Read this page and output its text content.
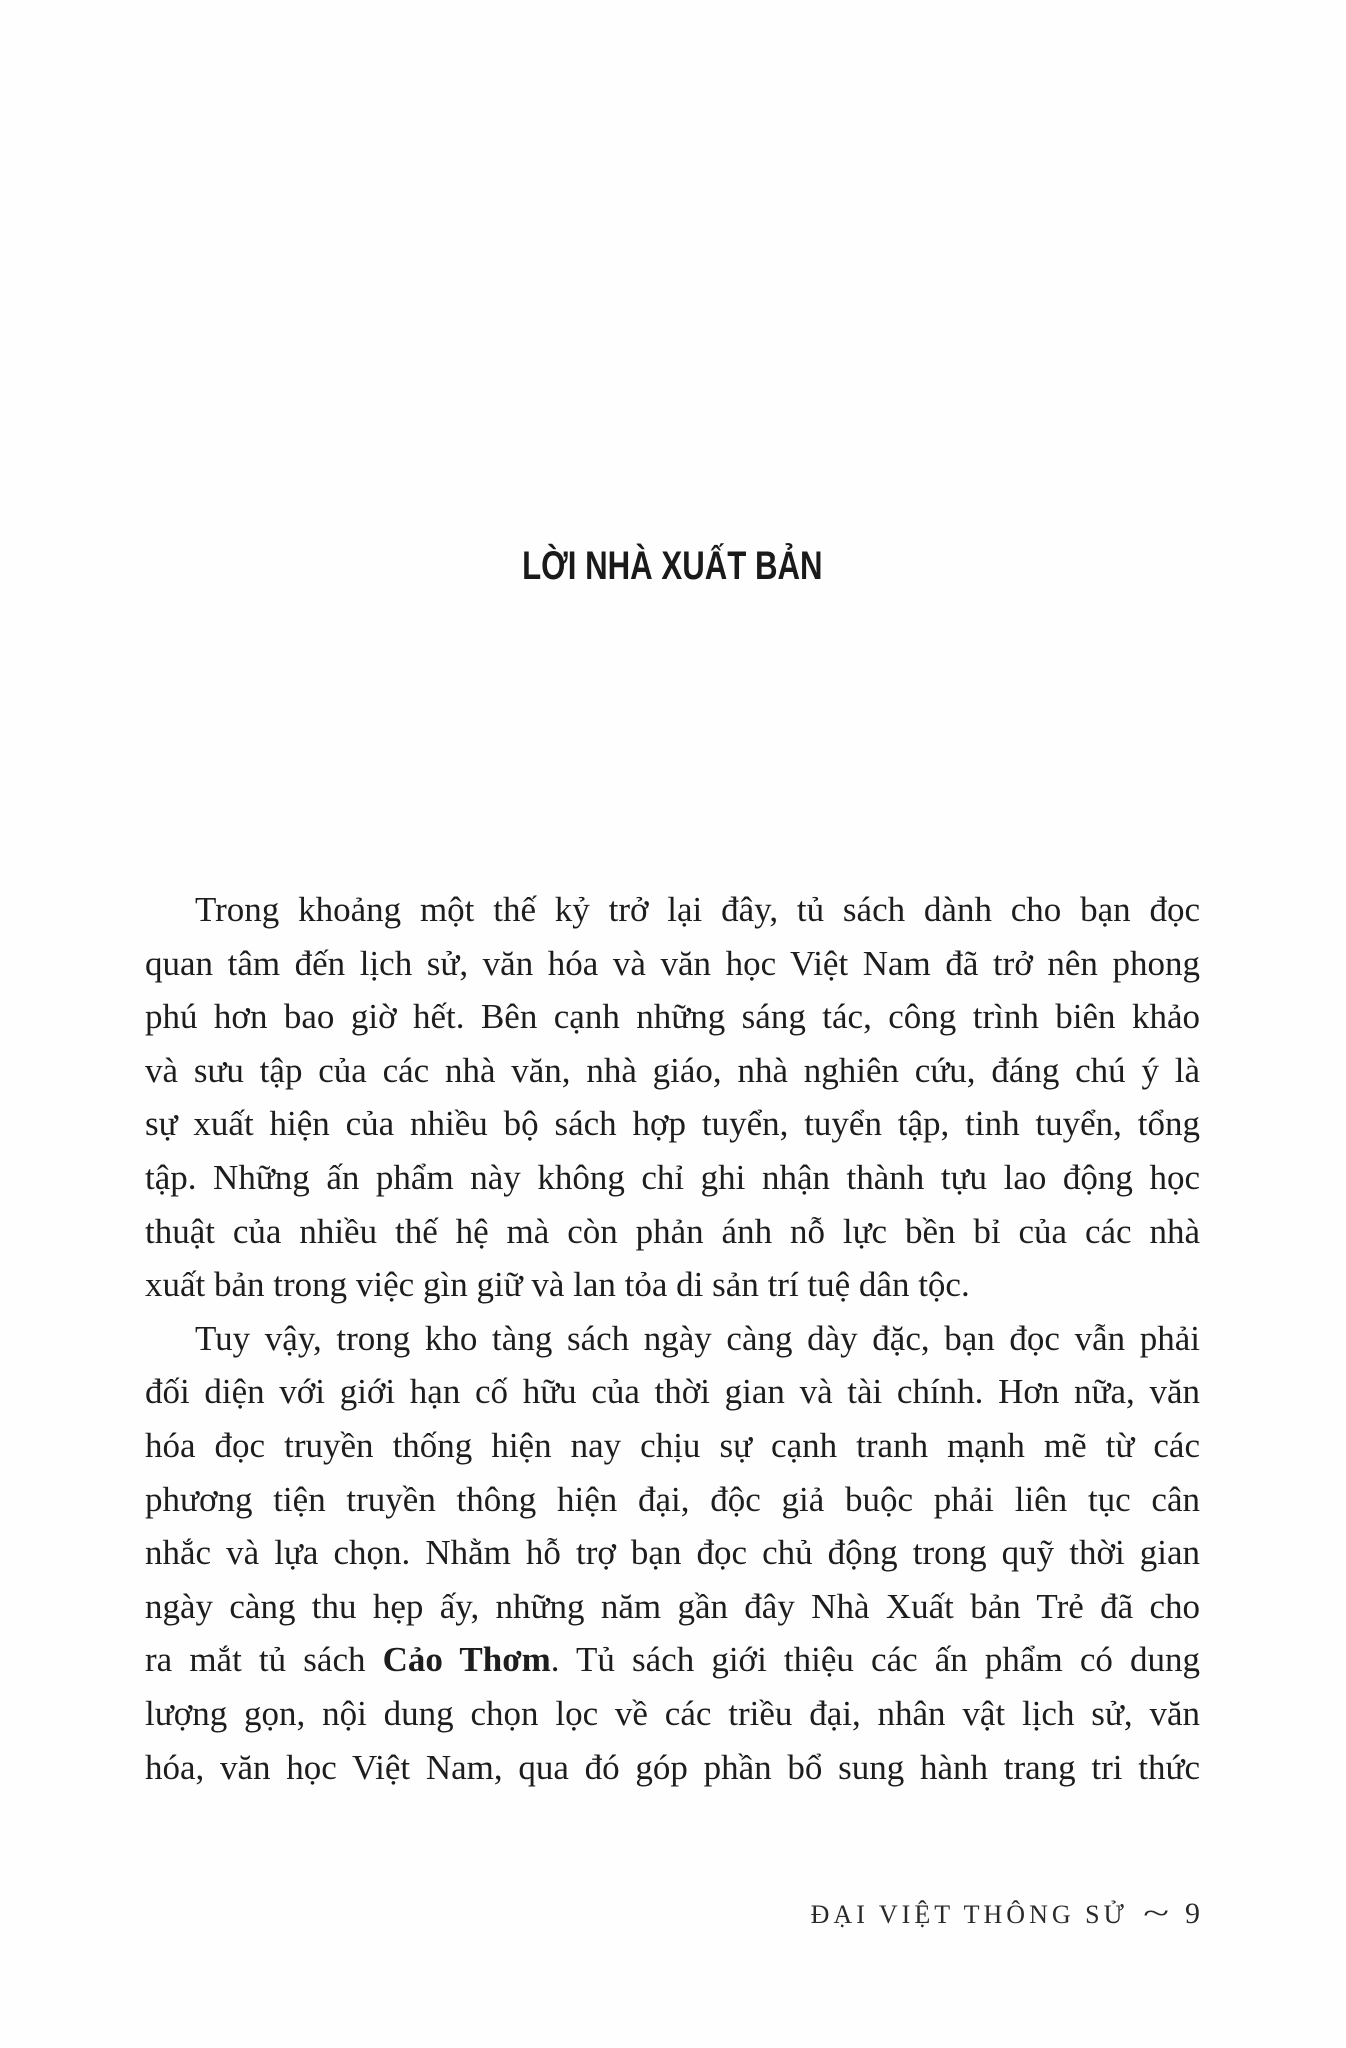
LỜI NHÀ XUẤT BẢN
Trong khoảng một thế kỷ trở lại đây, tủ sách dành cho bạn đọc
quan tâm đến lịch sử, văn hóa và văn học Việt Nam đã trở nên phong
phú hơn bao giờ hết. Bên cạnh những sáng tác, công trình biên khảo
và sưu tập của các nhà văn, nhà giáo, nhà nghiên cứu, đáng chú ý là
sự xuất hiện của nhiều bộ sách hợp tuyển, tuyển tập, tinh tuyển, tổng
tập. Những ấn phẩm này không chỉ ghi nhận thành tựu lao động học
thuật của nhiều thế hệ mà còn phản ánh nỗ lực bền bỉ của các nhà
xuất bản trong việc gìn giữ và lan tỏa di sản trí tuệ dân tộc.
Tuy vậy, trong kho tàng sách ngày càng dày đặc, bạn đọc vẫn phải
đối diện với giới hạn cố hữu của thời gian và tài chính. Hơn nữa, văn
hóa đọc truyền thống hiện nay chịu sự cạnh tranh mạnh mẽ từ các
phương tiện truyền thông hiện đại, độc giả buộc phải liên tục cân
nhắc và lựa chọn. Nhằm hỗ trợ bạn đọc chủ động trong quỹ thời gian
ngày càng thu hẹp ấy, những năm gần đây Nhà Xuất bản Trẻ đã cho
ra mắt tủ sách Cảo Thơm. Tủ sách giới thiệu các ấn phẩm có dung
lượng gọn, nội dung chọn lọc về các triều đại, nhân vật lịch sử, văn
hóa, văn học Việt Nam, qua đó góp phần bổ sung hành trang tri thức
ĐẠI VIỆT THÔNG SỬ ~ 9
